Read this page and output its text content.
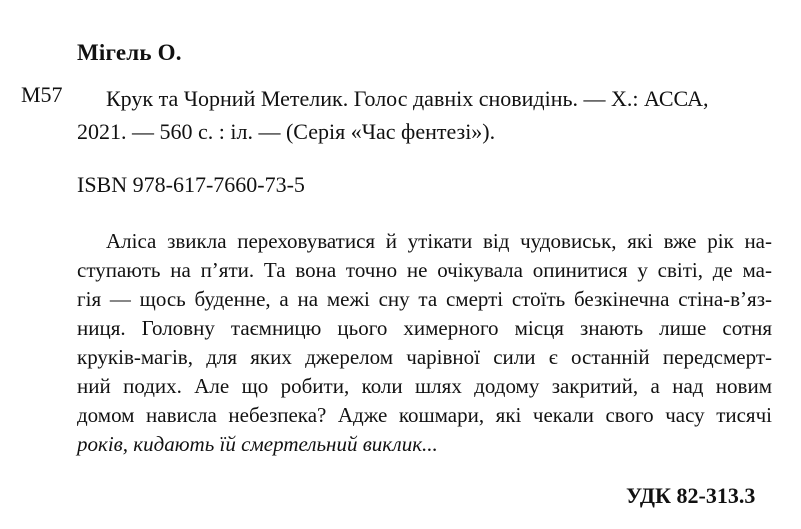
Мігель О.
М57 Крук та Чорний Метелик. Голос давніх сновидінь. — Х.: АССА,
2021. — 560 с. : іл. — (Серія «Час фентезі»).
ISBN 978-617-7660-73-5
Аліса звикла переховуватися й утікати від чудовиськ, які вже рік на-
ступають на п’яти. Та вона точно не очікувала опинитися у світі, де ма-
гія — щось буденне, а на межі сну та смерті стоїть безкінечна стіна-в’яз-
ниця. Головну таємницю цього химерного місця знають лише сотня
круків-магів, для яких джерелом чарівної сили є останній передсмерт-
ний подих. Але що робити, коли шлях додому закритий, а над новим
домом нависла небезпека? Адже кошмари, які чекали свого часу тисячі
років, кидають їй смертельний виклик...
УДК 82-313.3
